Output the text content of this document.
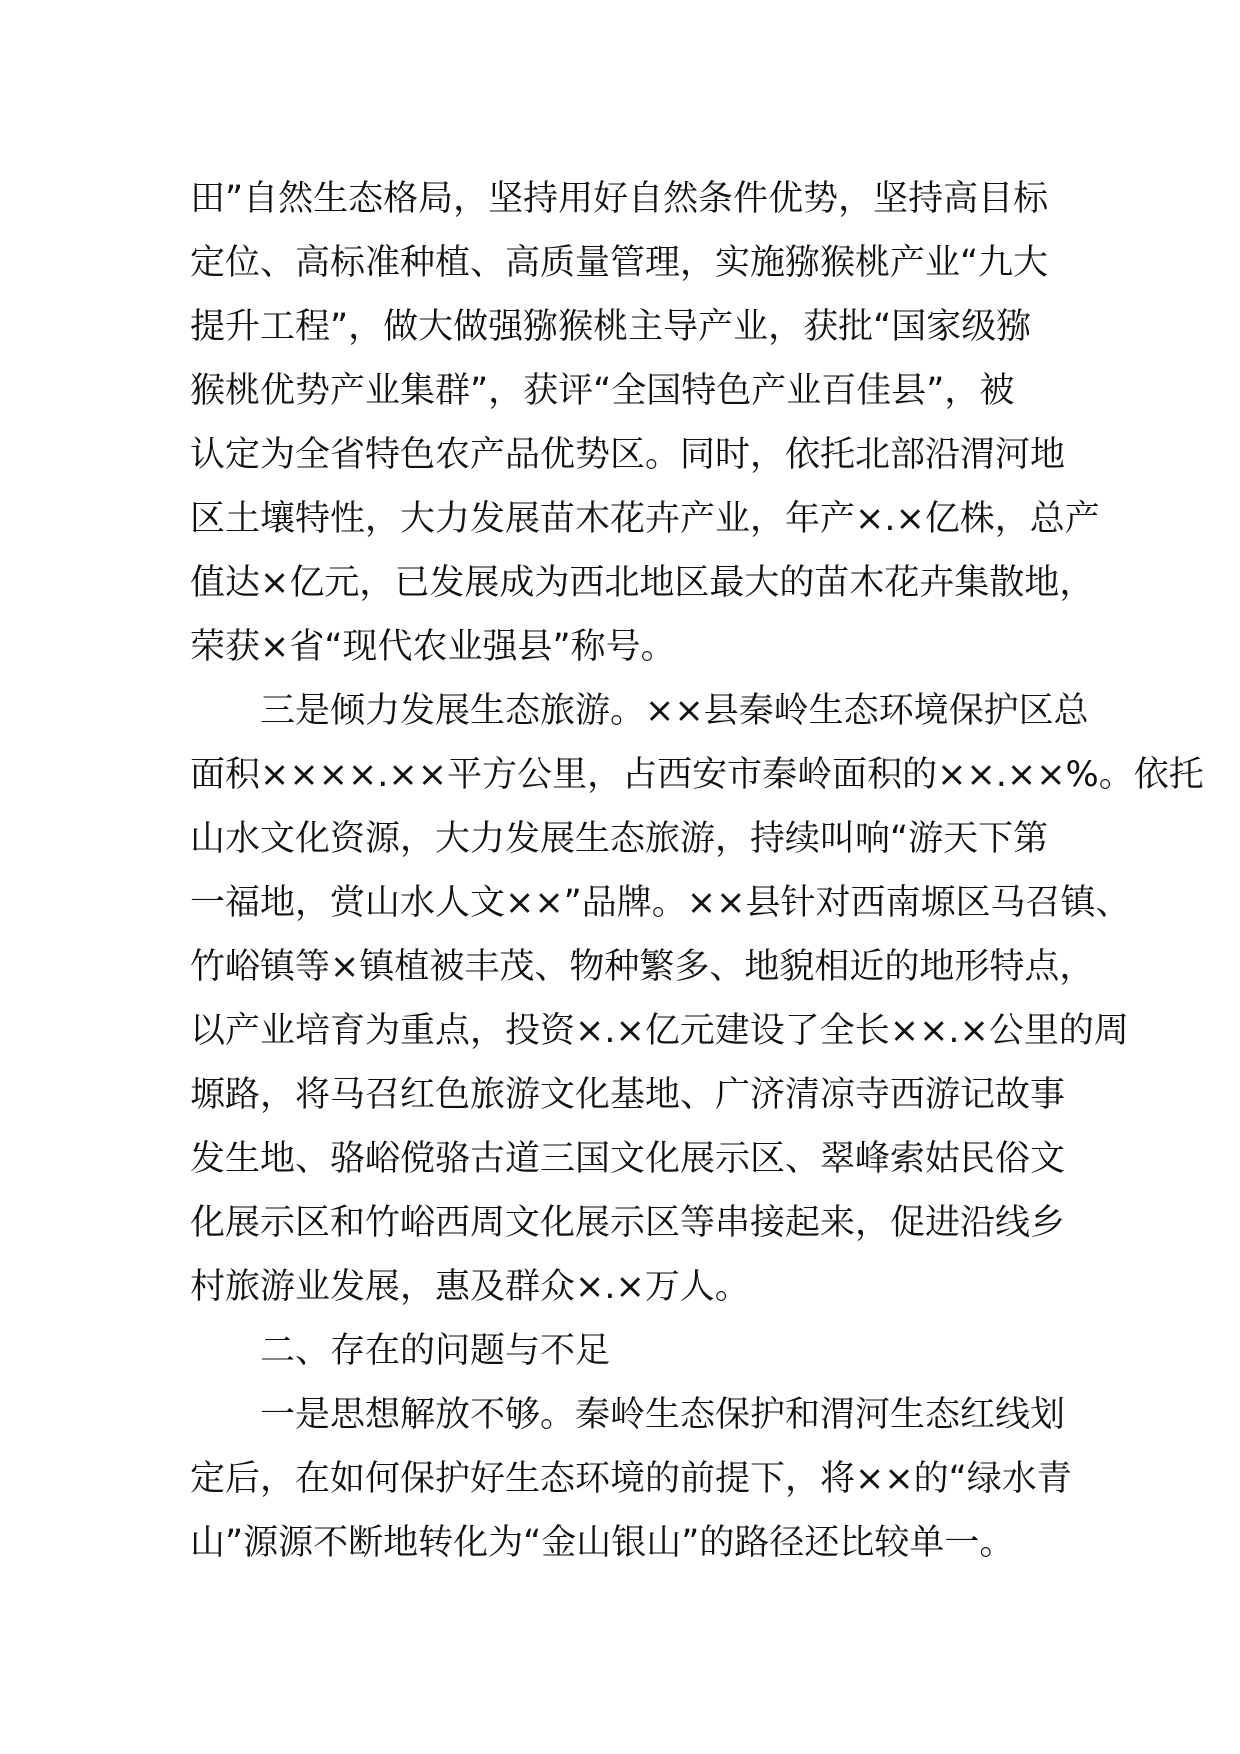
田”自然生态格局，坚持用好自然条件优势，坚持高目标
定位、高标准种植、高质量管理，实施猕猴桃产业“九大
提升工程”，做大做强猕猴桃主导产业，获批“国家级猕
猴桃优势产业集群”，获评“全国特色产业百佳县”，被
认定为全省特色农产品优势区。同时，依托北部沿渭河地
区土壤特性，大力发展苗木花卉产业，年产×.×亿株，总产
值达×亿元，已发展成为西北地区最大的苗木花卉集散地，
荣获×省“现代农业强县”称号。
三是倾力发展生态旅游。××县秦岭生态环境保护区总
面积××××.××平方公里，占西安市秦岭面积的××.××%。依托
山水文化资源，大力发展生态旅游，持续叫响“游天下第
一福地，赏山水人文××”品牌。××县针对西南塬区马召镇、
竹峪镇等×镇植被丰茂、物种繁多、地貌相近的地形特点，
以产业培育为重点，投资×.×亿元建设了全长××.×公里的周
塬路，将马召红色旅游文化基地、广济清凉寺西游记故事
发生地、骆峪傥骆古道三国文化展示区、翠峰索姑民俗文
化展示区和竹峪西周文化展示区等串接起来，促进沿线乡
村旅游业发展，惠及群众×.×万人。
二、存在的问题与不足
一是思想解放不够。秦岭生态保护和渭河生态红线划
定后，在如何保护好生态环境的前提下，将××的“绿水青
山”源源不断地转化为“金山银山”的路径还比较单一。
